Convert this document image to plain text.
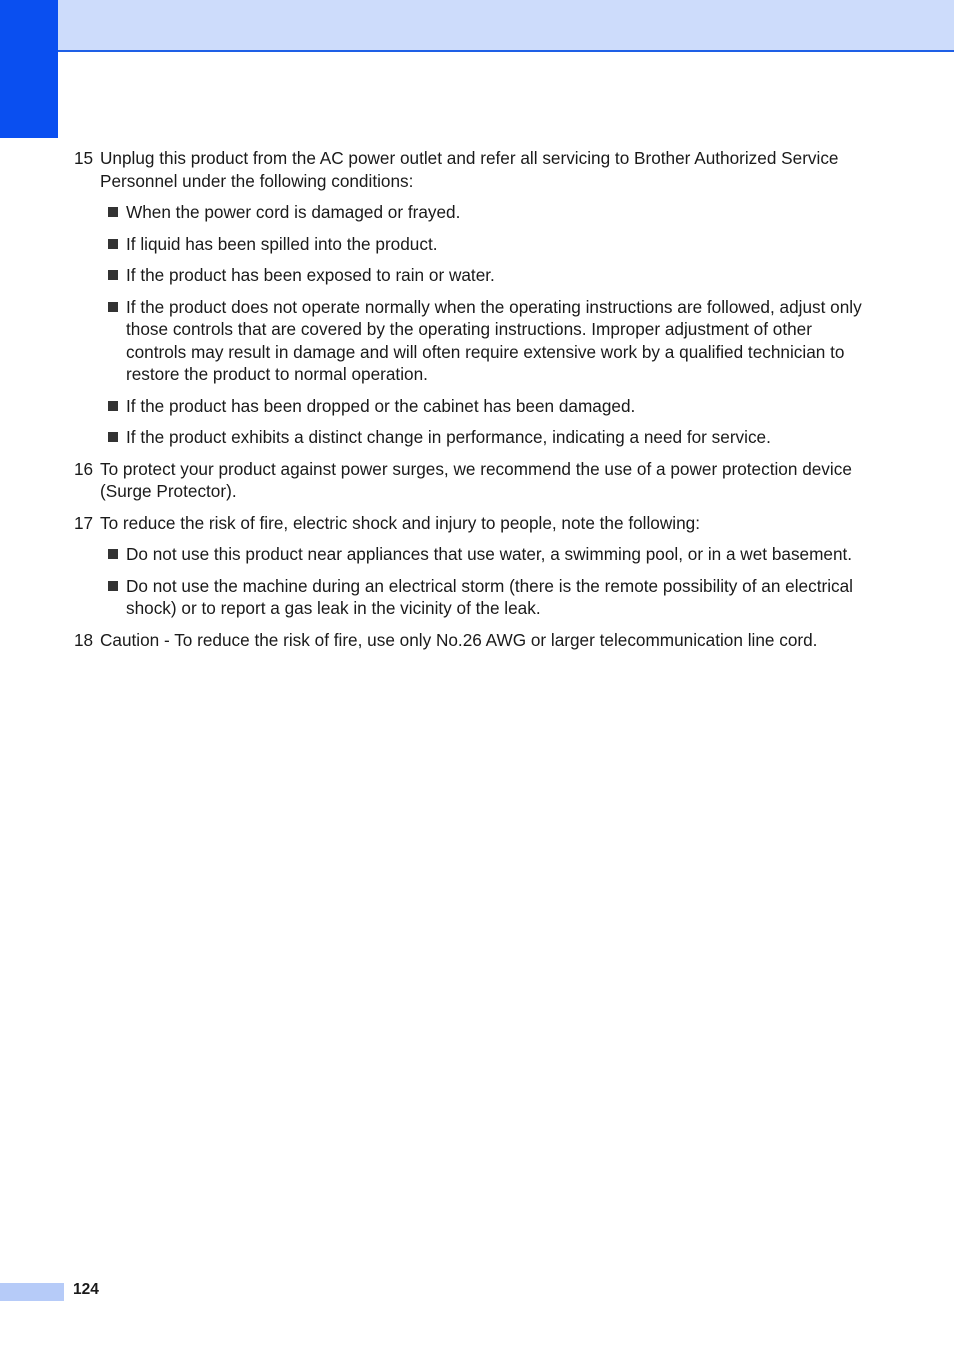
15 Unplug this product from the AC power outlet and refer all servicing to Brother Authorized Service Personnel under the following conditions:
When the power cord is damaged or frayed.
If liquid has been spilled into the product.
If the product has been exposed to rain or water.
If the product does not operate normally when the operating instructions are followed, adjust only those controls that are covered by the operating instructions. Improper adjustment of other controls may result in damage and will often require extensive work by a qualified technician to restore the product to normal operation.
If the product has been dropped or the cabinet has been damaged.
If the product exhibits a distinct change in performance, indicating a need for service.
16 To protect your product against power surges, we recommend the use of a power protection device (Surge Protector).
17 To reduce the risk of fire, electric shock and injury to people, note the following:
Do not use this product near appliances that use water, a swimming pool, or in a wet basement.
Do not use the machine during an electrical storm (there is the remote possibility of an electrical shock) or to report a gas leak in the vicinity of the leak.
18 Caution - To reduce the risk of fire, use only No.26 AWG or larger telecommunication line cord.
124
